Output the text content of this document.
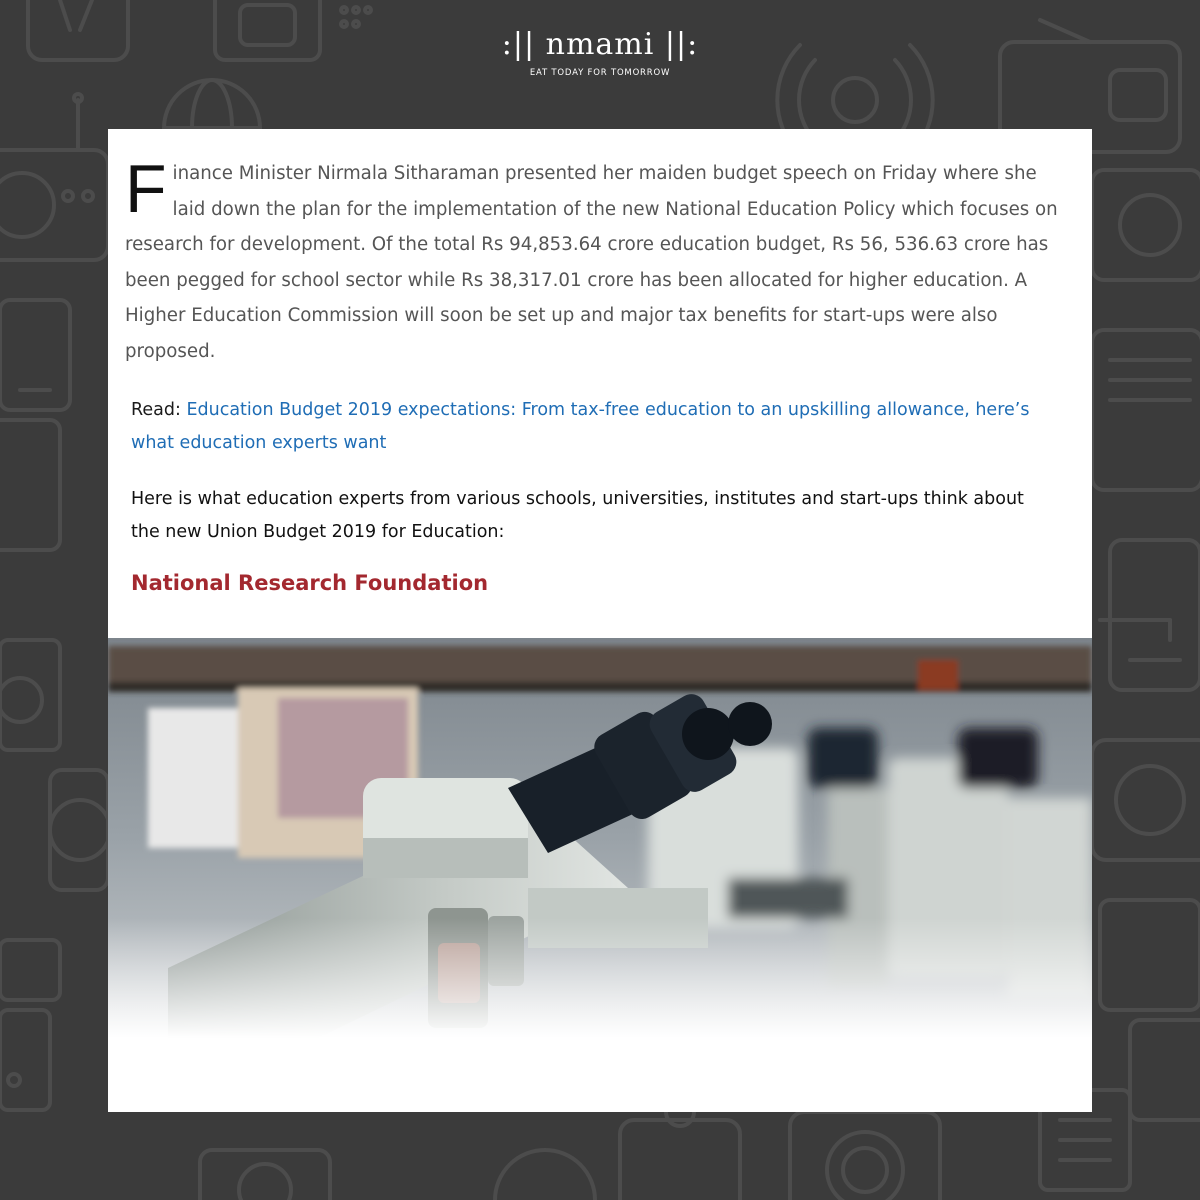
:|| nmami ||:
EAT TODAY FOR TOMORROW

Finance Minister Nirmala Sitharaman presented her maiden budget speech on Friday where she laid down the plan for the implementation of the new National Education Policy which focuses on research for development. Of the total Rs 94,853.64 crore education budget, Rs 56, 536.63 crore has been pegged for school sector while Rs 38,317.01 crore has been allocated for higher education. A Higher Education Commission will soon be set up and major tax benefits for start-ups were also proposed.

Read: Education Budget 2019 expectations: From tax-free education to an upskilling allowance, here’s what education experts want

Here is what education experts from various schools, universities, institutes and start-ups think about the new Union Budget 2019 for Education:

National Research Foundation
